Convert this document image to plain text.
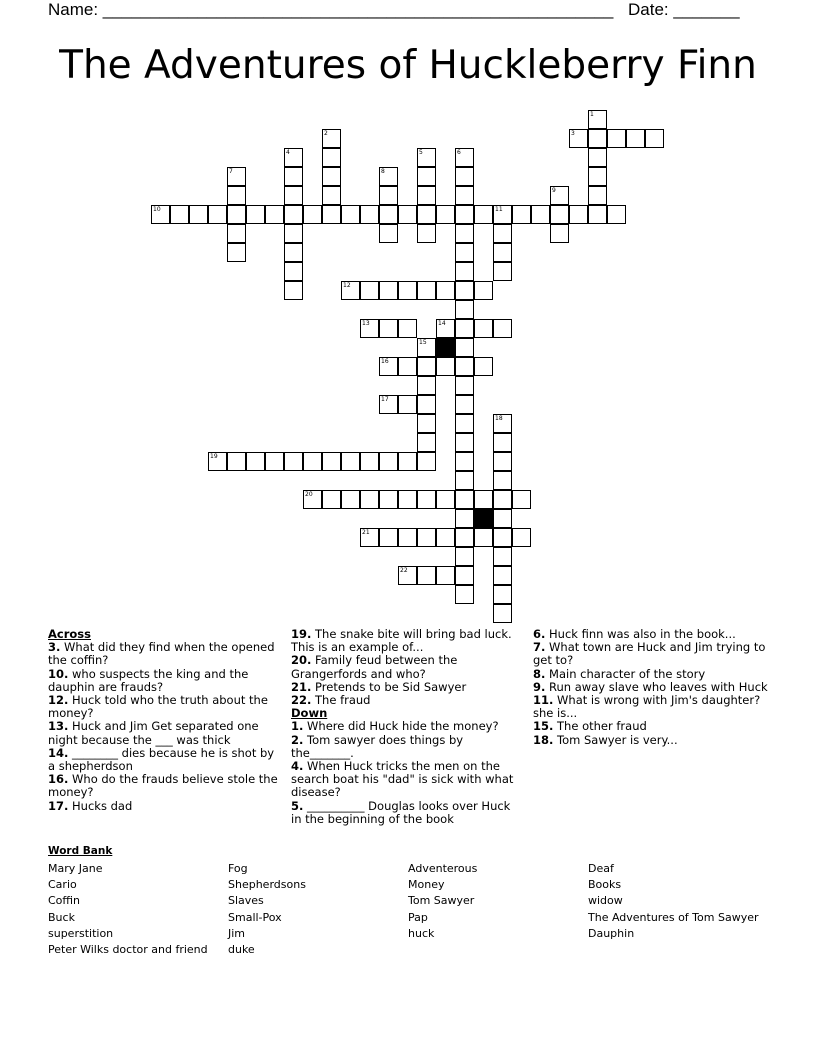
Name: ______________________________________________________ Date: _______
The Adventures of Huckleberry Finn
3
10	11
12
13	14
16
17
19
20
21
22
1
2
4	5	6
7	8
9
15
18
Across
3. What did they find when the opened the coffin?
10. who suspects the king and the dauphin are frauds?
12. Huck told who the truth about the money?
13. Huck and Jim Get separated one night because the ___ was thick
14. ________ dies because he is shot by a shepherdson
16. Who do the frauds believe stole the money?
17. Hucks dad
19. The snake bite will bring bad luck. This is an example of...
20. Family feud between the Grangerfords and who?
21. Pretends to be Sid Sawyer
22. The fraud
Down
1. Where did Huck hide the money?
2. Tom sawyer does things by the_______.
4. When Huck tricks the men on the search boat his "dad" is sick with what disease?
5. __________ Douglas looks over Huck in the beginning of the book
6. Huck finn was also in the book...
7. What town are Huck and Jim trying to get to?
8. Main character of the story
9. Run away slave who leaves with Huck
11. What is wrong with Jim's daughter? she is...
15. The other fraud
18. Tom Sawyer is very...
Word Bank
Mary Jane
Cario
Coffin
Buck
superstition
Peter Wilks doctor and friend
Fog
Shepherdsons
Slaves
Small-Pox
Jim
duke
Adventerous
Money
Tom Sawyer
Pap
huck
Deaf
Books
widow
The Adventures of Tom Sawyer
Dauphin
